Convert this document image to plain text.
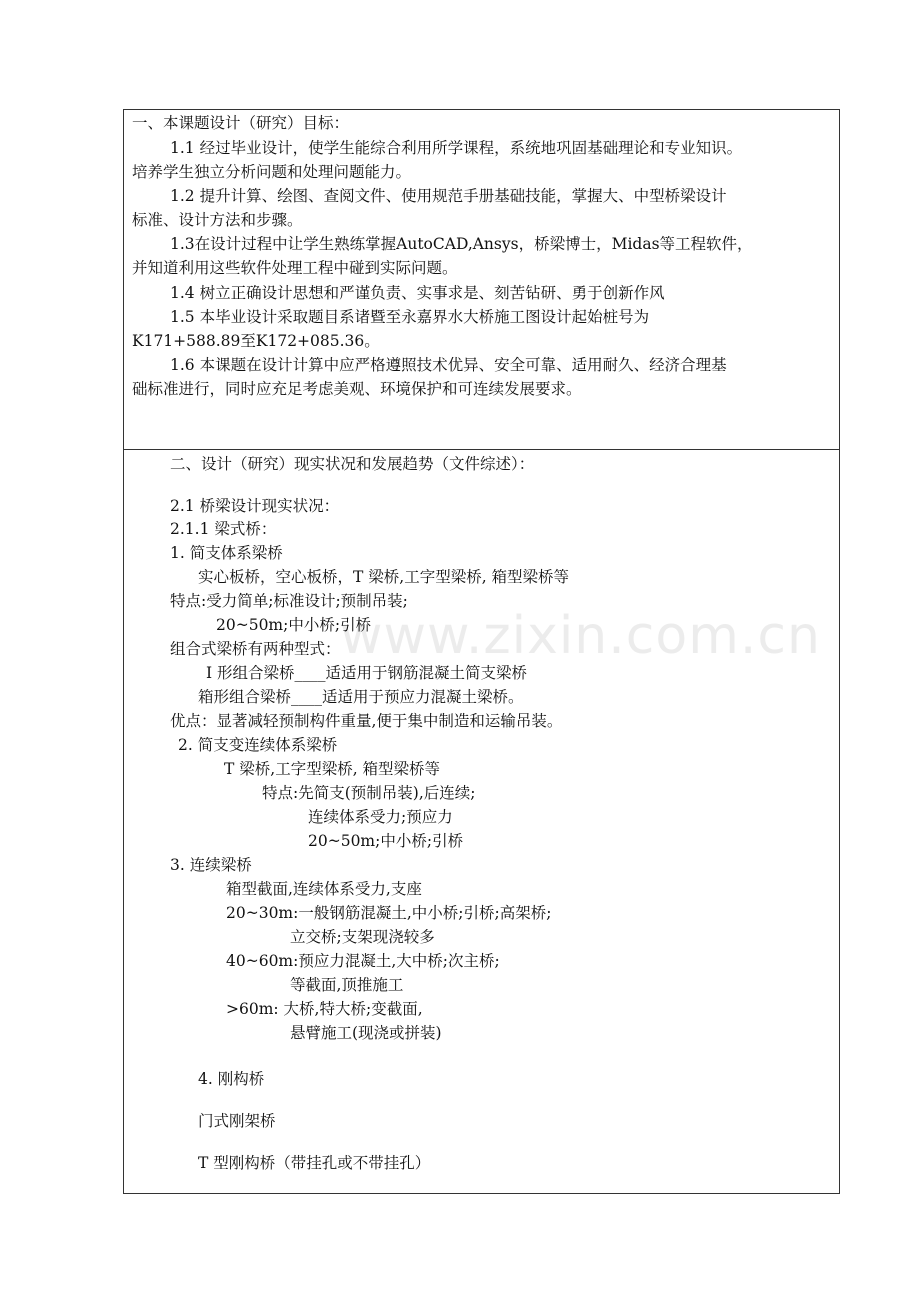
www.zixin.com.cn
一、本课题设计（研究）目标：
1.1 经过毕业设计，使学生能综合利用所学课程，系统地巩固基础理论和专业知识。
培养学生独立分析问题和处理问题能力。
1.2 提升计算、绘图、查阅文件、使用规范手册基础技能，掌握大、中型桥梁设计
标准、设计方法和步骤。
1.3在设计过程中让学生熟练掌握AutoCAD,Ansys，桥梁博士，Midas等工程软件，
并知道利用这些软件处理工程中碰到实际问题。
1.4 树立正确设计思想和严谨负责、实事求是、刻苦钻研、勇于创新作风
1.5 本毕业设计采取题目系诸暨至永嘉界水大桥施工图设计起始桩号为
K171+588.89至K172+085.36。
1.6 本课题在设计计算中应严格遵照技术优异、安全可靠、适用耐久、经济合理基
础标准进行，同时应充足考虑美观、环境保护和可连续发展要求。
二、设计（研究）现实状况和发展趋势（文件综述）：
2.1 桥梁设计现实状况：
2.1.1 梁式桥：
1. 简支体系梁桥
实心板桥，空心板桥，T 梁桥,工字型梁桥, 箱型梁桥等
特点:受力简单;标准设计;预制吊装;
20~50m;中小桥;引桥
组合式梁桥有两种型式：
I 形组合梁桥____适适用于钢筋混凝土简支梁桥
箱形组合梁桥____适适用于预应力混凝土梁桥。
优点：显著减轻预制构件重量,便于集中制造和运输吊装。
2. 简支变连续体系梁桥
T 梁桥,工字型梁桥, 箱型梁桥等
特点:先简支(预制吊装),后连续;
连续体系受力;预应力
20~50m;中小桥;引桥
3. 连续梁桥
箱型截面,连续体系受力,支座
20~30m:一般钢筋混凝土,中小桥;引桥;高架桥;
立交桥;支架现浇较多
40~60m:预应力混凝土,大中桥;次主桥;
等截面,顶推施工
>60m: 大桥,特大桥;变截面,
悬臂施工(现浇或拼装)
4. 刚构桥
门式刚架桥
T 型刚构桥（带挂孔或不带挂孔）
